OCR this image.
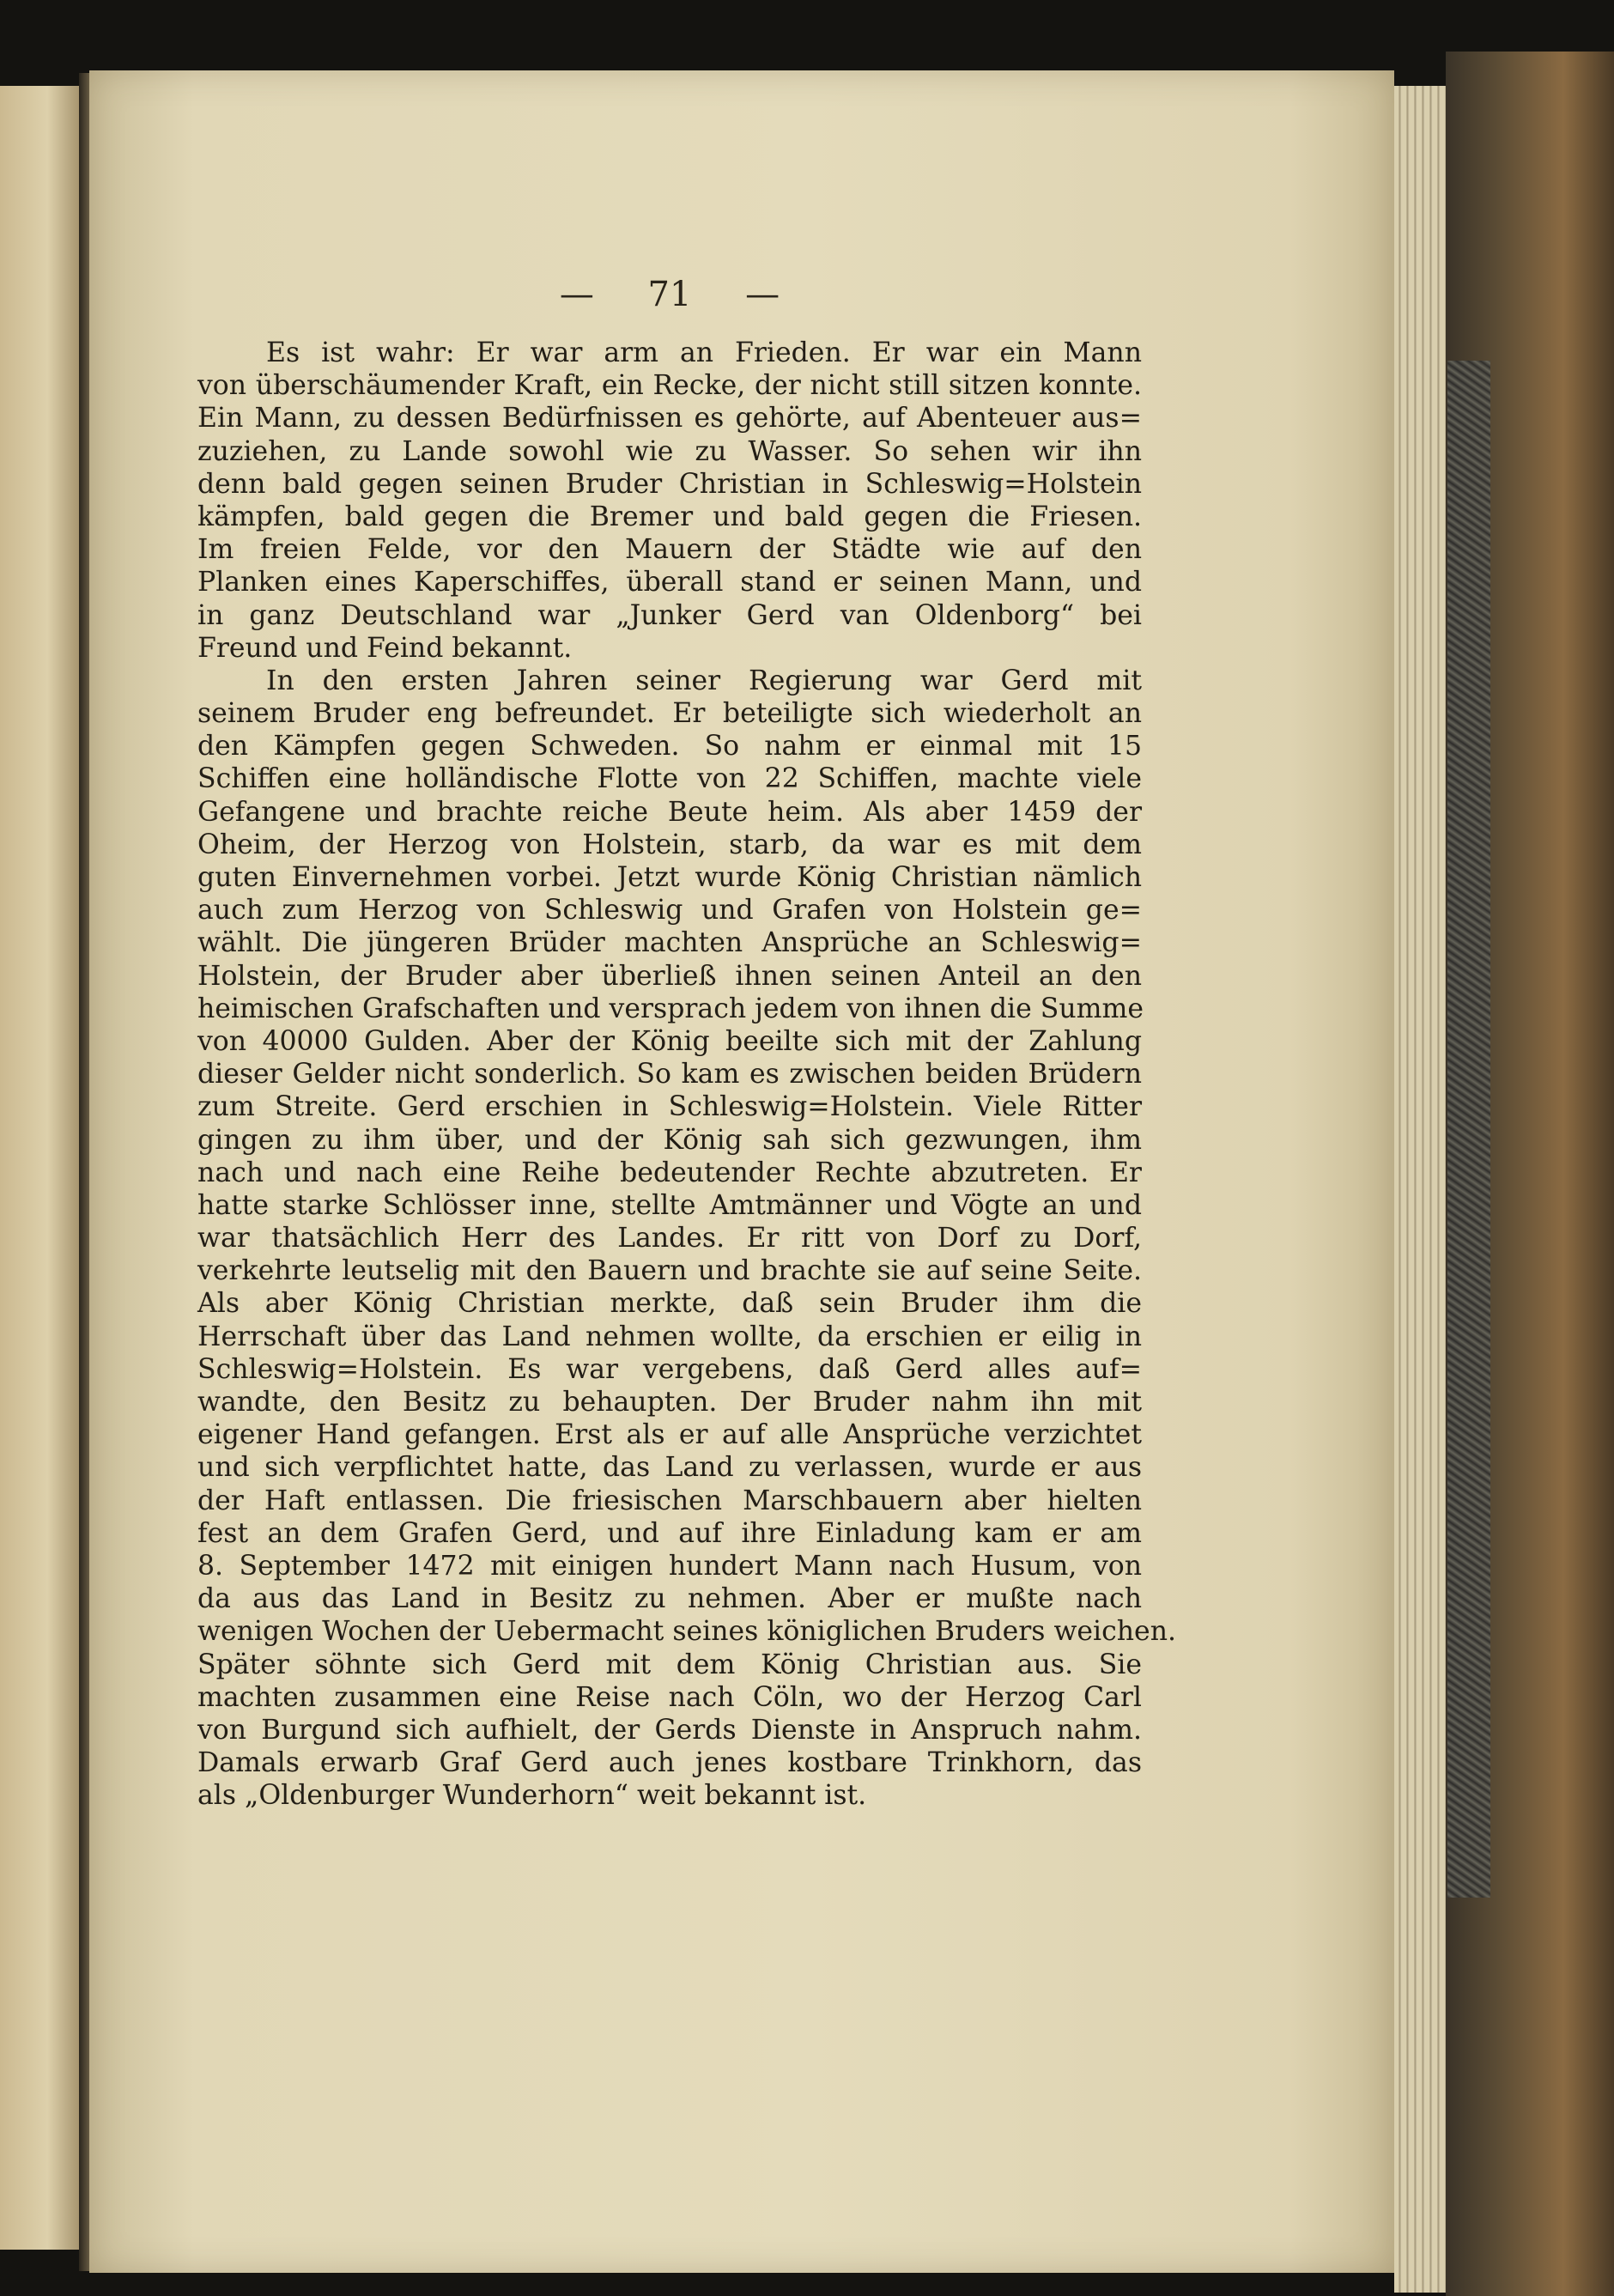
— 71 —
Es ist wahr: Er war arm an Frieden. Er war ein Mann
von überschäumender Kraft, ein Recke, der nicht still sitzen konnte.
Ein Mann, zu dessen Bedürfnissen es gehörte, auf Abenteuer aus=
zuziehen, zu Lande sowohl wie zu Wasser. So sehen wir ihn
denn bald gegen seinen Bruder Christian in Schleswig=Holstein
kämpfen, bald gegen die Bremer und bald gegen die Friesen.
Im freien Felde, vor den Mauern der Städte wie auf den
Planken eines Kaperschiffes, überall stand er seinen Mann, und
in ganz Deutschland war „Junker Gerd van Oldenborg“ bei
Freund und Feind bekannt.
In den ersten Jahren seiner Regierung war Gerd mit
seinem Bruder eng befreundet. Er beteiligte sich wiederholt an
den Kämpfen gegen Schweden. So nahm er einmal mit 15
Schiffen eine holländische Flotte von 22 Schiffen, machte viele
Gefangene und brachte reiche Beute heim. Als aber 1459 der
Oheim, der Herzog von Holstein, starb, da war es mit dem
guten Einvernehmen vorbei. Jetzt wurde König Christian nämlich
auch zum Herzog von Schleswig und Grafen von Holstein ge=
wählt. Die jüngeren Brüder machten Ansprüche an Schleswig=
Holstein, der Bruder aber überließ ihnen seinen Anteil an den
heimischen Grafschaften und versprach jedem von ihnen die Summe
von 40000 Gulden. Aber der König beeilte sich mit der Zahlung
dieser Gelder nicht sonderlich. So kam es zwischen beiden Brüdern
zum Streite. Gerd erschien in Schleswig=Holstein. Viele Ritter
gingen zu ihm über, und der König sah sich gezwungen, ihm
nach und nach eine Reihe bedeutender Rechte abzutreten. Er
hatte starke Schlösser inne, stellte Amtmänner und Vögte an und
war thatsächlich Herr des Landes. Er ritt von Dorf zu Dorf,
verkehrte leutselig mit den Bauern und brachte sie auf seine Seite.
Als aber König Christian merkte, daß sein Bruder ihm die
Herrschaft über das Land nehmen wollte, da erschien er eilig in
Schleswig=Holstein. Es war vergebens, daß Gerd alles auf=
wandte, den Besitz zu behaupten. Der Bruder nahm ihn mit
eigener Hand gefangen. Erst als er auf alle Ansprüche verzichtet
und sich verpflichtet hatte, das Land zu verlassen, wurde er aus
der Haft entlassen. Die friesischen Marschbauern aber hielten
fest an dem Grafen Gerd, und auf ihre Einladung kam er am
8. September 1472 mit einigen hundert Mann nach Husum, von
da aus das Land in Besitz zu nehmen. Aber er mußte nach
wenigen Wochen der Uebermacht seines königlichen Bruders weichen.
Später söhnte sich Gerd mit dem König Christian aus. Sie
machten zusammen eine Reise nach Cöln, wo der Herzog Carl
von Burgund sich aufhielt, der Gerds Dienste in Anspruch nahm.
Damals erwarb Graf Gerd auch jenes kostbare Trinkhorn, das
als „Oldenburger Wunderhorn“ weit bekannt ist.
